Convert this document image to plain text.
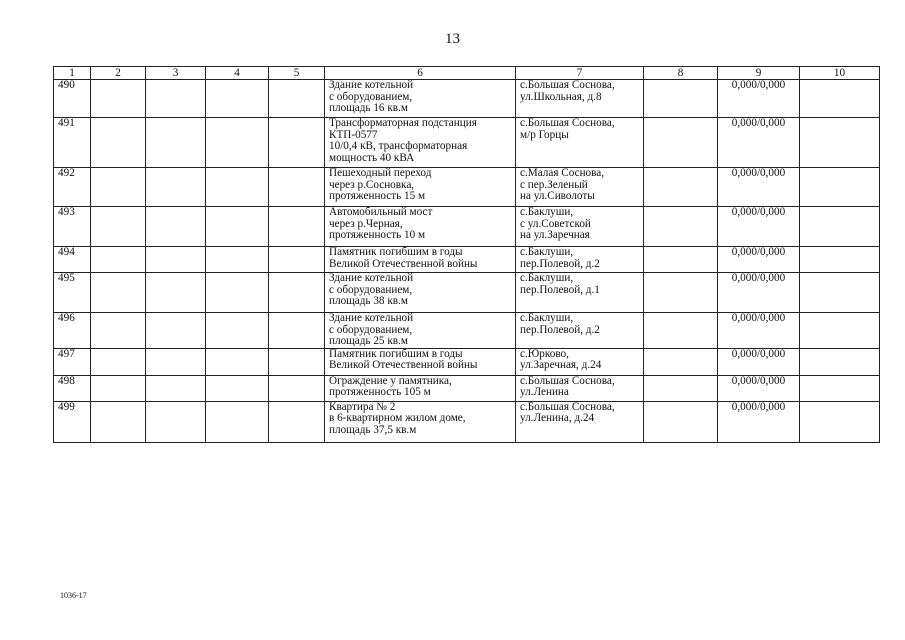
13
1	2	3	4	5	6	7	8	9	10
490					Здание котельной
с оборудованием,
площадь 16 кв.м	с.Большая Соснова,
ул.Школьная, д.8		0,000/0,000	
491					Трансформаторная подстанция
КТП-0577
10/0,4 кВ, трансформаторная
мощность 40 кВА	с.Большая Соснова,
м/р Горцы		0,000/0,000	
492					Пешеходный переход
через р.Сосновка,
протяженность 15 м	с.Малая Соснова,
с пер.Зеленый
на ул.Сиволоты		0,000/0,000	
493					Автомобильный мост
через р.Черная,
протяженность 10 м	с.Баклуши,
с ул.Советской
на ул.Заречная		0,000/0,000	
494					Памятник погибшим в годы
Великой Отечественной войны	с.Баклуши,
пер.Полевой, д.2		0,000/0,000	
495					Здание котельной
с оборудованием,
площадь 38 кв.м	с.Баклуши,
пер.Полевой, д.1		0,000/0,000	
496					Здание котельной
с оборудованием,
площадь 25 кв.м	с.Баклуши,
пер.Полевой, д.2		0,000/0,000	
497					Памятник погибшим в годы
Великой Отечественной войны	с.Юрково,
ул.Заречная, д.24		0,000/0,000	
498					Ограждение у памятника,
протяженность 105 м	с.Большая Соснова,
ул.Ленина		0,000/0,000	
499					Квартира № 2
в 6-квартирном жилом доме,
площадь 37,5 кв.м	с.Большая Соснова,
ул.Ленина, д.24		0,000/0,000	
1036-17
